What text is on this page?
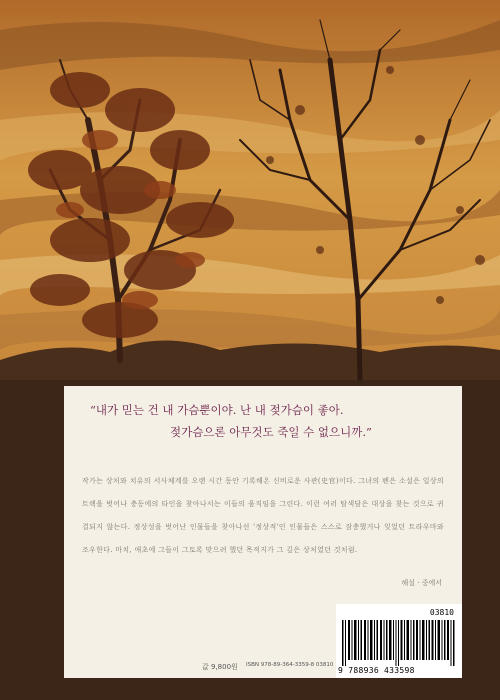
“내가 믿는 건 내 가슴뿐이야. 난 내 젖가슴이 좋아.
젖가슴으론 아무것도 죽일 수 없으니까.”
작가는 상처와 치유의 서사체계를 오랜 시간 동안 기록해온 신비로운 사관(史官)이다. 그녀의 펜은 소설은 일상의 트랙을 벗어나 충동에의 타인을 찾아나서는 이들의 움직임을 그린다. 이런 여러 탐색담은 대상을 찾는 것으로 귀결되지 않는다. 정상성을 벗어난 인물들을 찾아나선 '정상적'인 인물들은 스스로 잠충했거나 잊었던 트라우마와 조우한다. 마치, 애초에 그들이 그토록 맞으려 했던 목적지가 그 깊은 상처였던 것처럼.
해설 · 중에서
값 9,800원 ISBN 978-89-364-3359-8 03810
03810
9 788936 433598
